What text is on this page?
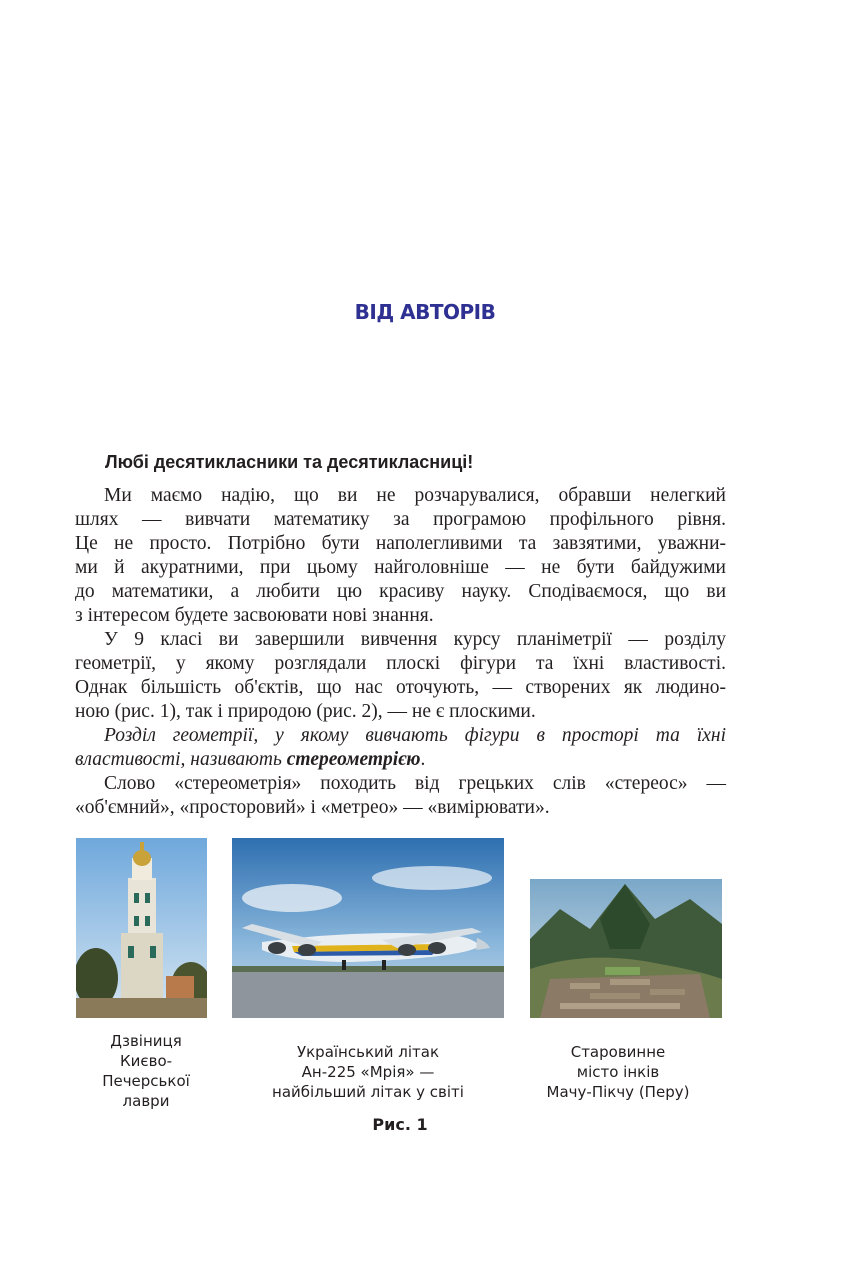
ВІД АВТОРІВ
Любі десятикласники та десятикласниці!
Ми маємо надію, що ви не розчарувалися, обравши нелегкий
шлях — вивчати математику за програмою профільного рівня.
Це не просто. Потрібно бути наполегливими та завзятими, уважни-
ми й акуратними, при цьому найголовніше — не бути байдужими
до математики, а любити цю красиву науку. Сподіваємося, що ви
з інтересом будете засвоювати нові знання.
У 9 класі ви завершили вивчення курсу планіметрії — розділу
геометрії, у якому розглядали плоскі фігури та їхні властивості.
Однак більшість об'єктів, що нас оточують, — створених як людино-
ною (рис. 1), так і природою (рис. 2), — не є плоскими.
Розділ геометрії, у якому вивчають фігури в просторі та їхні
властивості, називають стереометрією.
Слово «стереометрія» походить від грецьких слів «стереос» —
«об'ємний», «просторовий» і «метрео» — «вимірювати».
Дзвіниця
Києво-
Печерської
лаври
Український літак
Ан-225 «Мрія» —
найбільший літак у світі
Старовинне
місто інків
Мачу-Пікчу (Перу)
Рис. 1
